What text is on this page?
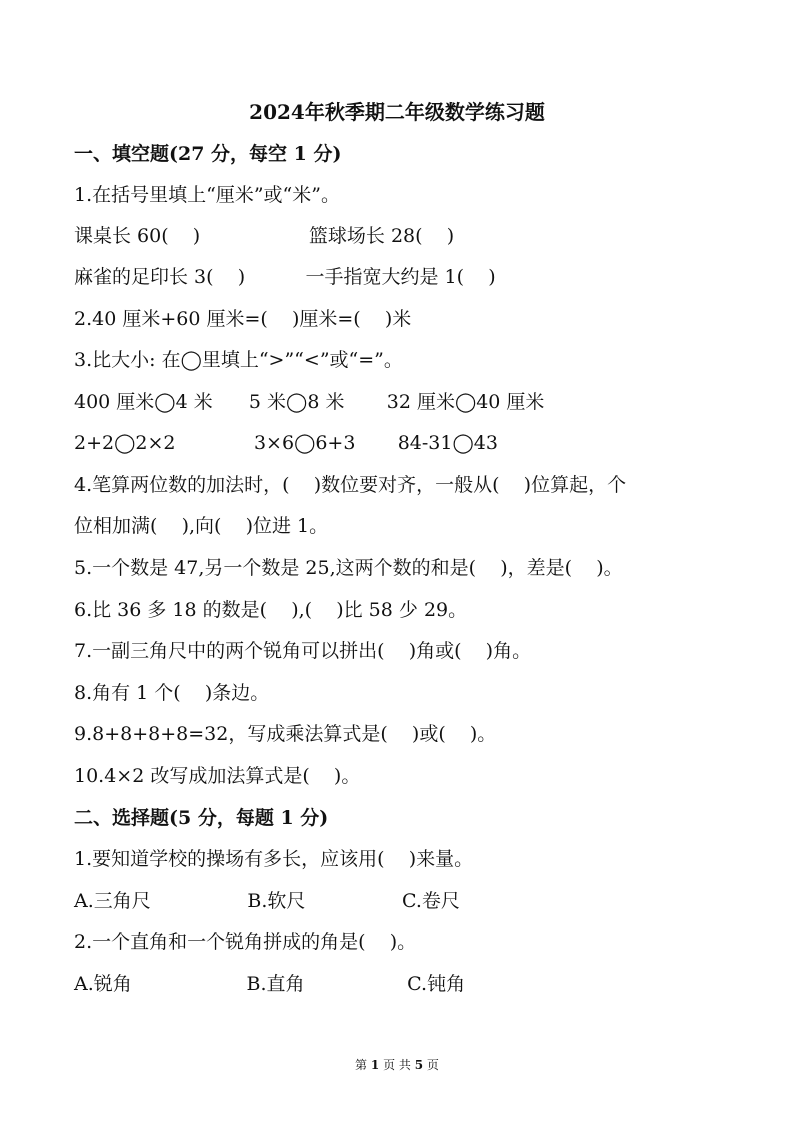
2024年秋季期二年级数学练习题
一、填空题(27 分，每空 1 分)
1.在括号里填上“厘米”或“米”。
课桌长 60(    )                  篮球场长 28(    )
麻雀的足印长 3(    )          一手指宽大约是 1(    )
2.40 厘米+60 厘米=(    )厘米=(    )米
3.比大小: 在◯里填上“>”“<”或“=”。
400 厘米◯4 米      5 米◯8 米       32 厘米◯40 厘米
2+2◯2×2             3×6◯6+3       84-31◯43
4.笔算两位数的加法时，(    )数位要对齐，一般从(    )位算起，个
位相加满(    ),向(    )位进 1。
5.一个数是 47,另一个数是 25,这两个数的和是(    )，差是(    )。
6.比 36 多 18 的数是(    ),(    )比 58 少 29。
7.一副三角尺中的两个锐角可以拼出(    )角或(    )角。
8.角有 1 个(    )条边。
9.8+8+8+8=32，写成乘法算式是(    )或(    )。
10.4×2 改写成加法算式是(    )。
二、选择题(5 分，每题 1 分)
1.要知道学校的操场有多长，应该用(    )来量。
A.三角尺                B.软尺                C.卷尺
2.一个直角和一个锐角拼成的角是(    )。
A.锐角                   B.直角                 C.钝角
第 1 页 共 5 页
